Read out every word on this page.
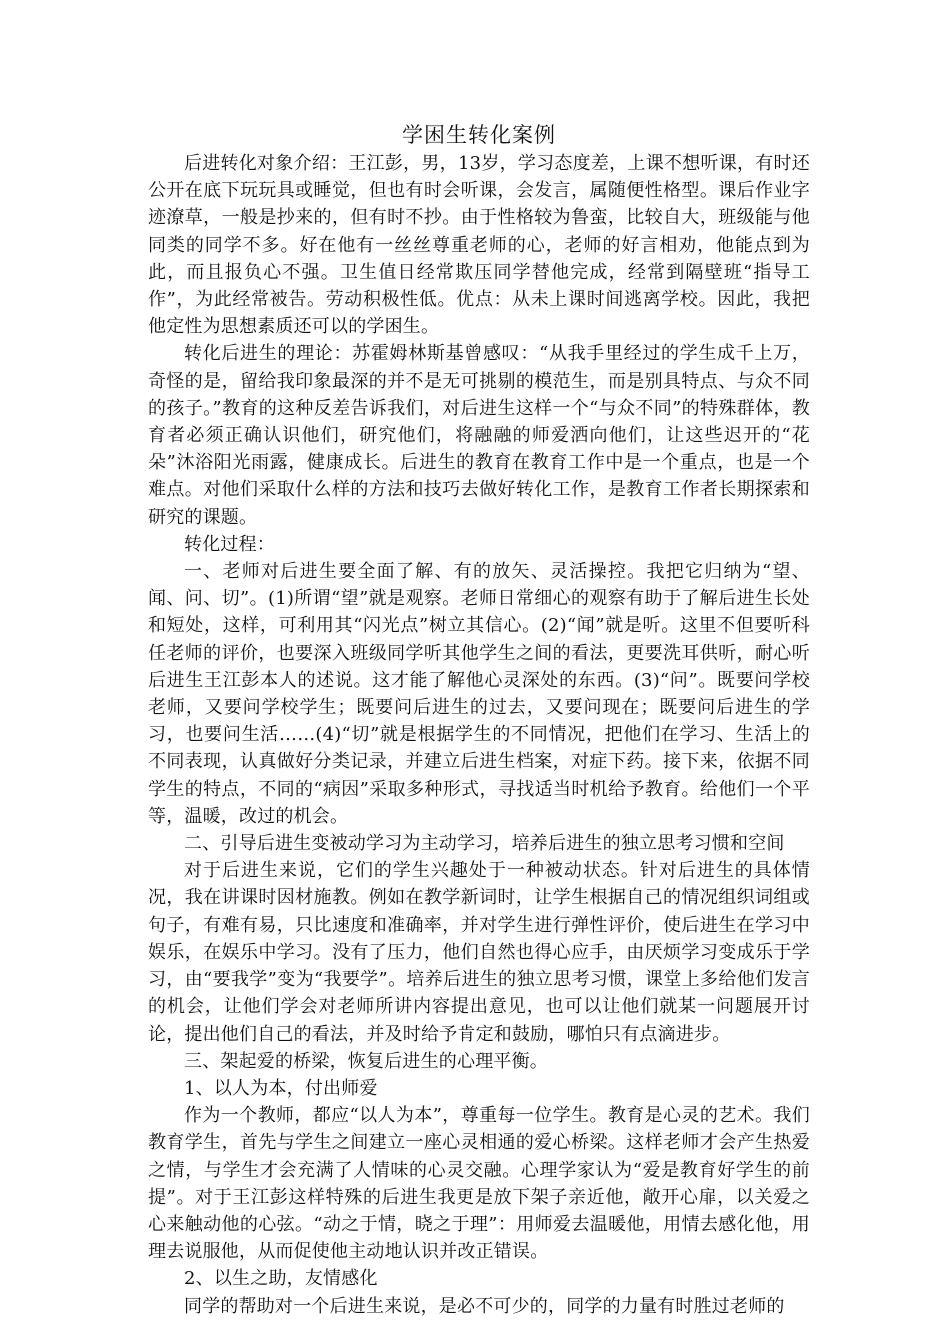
学困生转化案例

后进转化对象介绍：王江彭，男，13岁，学习态度差，上课不想听课，有时还公开在底下玩玩具或睡觉，但也有时会听课，会发言，属随便性格型。课后作业字迹潦草，一般是抄来的，但有时不抄。由于性格较为鲁蛮，比较自大，班级能与他同类的同学不多。好在他有一丝丝尊重老师的心，老师的好言相劝，他能点到为此，而且报负心不强。卫生值日经常欺压同学替他完成，经常到隔壁班“指导工作”，为此经常被告。劳动积极性低。优点：从未上课时间逃离学校。因此，我把他定性为思想素质还可以的学困生。

转化后进生的理论：苏霍姆林斯基曾感叹：“从我手里经过的学生成千上万，奇怪的是，留给我印象最深的并不是无可挑剔的模范生，而是别具特点、与众不同的孩子。”教育的这种反差告诉我们，对后进生这样一个“与众不同”的特殊群体，教育者必须正确认识他们，研究他们，将融融的师爱洒向他们，让这些迟开的“花朵”沐浴阳光雨露，健康成长。后进生的教育在教育工作中是一个重点，也是一个难点。对他们采取什么样的方法和技巧去做好转化工作，是教育工作者长期探索和研究的课题。

转化过程：

一、老师对后进生要全面了解、有的放矢、灵活操控。我把它归纳为“望、闻、问、切”。(1)所谓“望”就是观察。老师日常细心的观察有助于了解后进生长处和短处，这样，可利用其“闪光点”树立其信心。(2)“闻”就是听。这里不但要听科任老师的评价，也要深入班级同学听其他学生之间的看法，更要洗耳供听，耐心听后进生王江彭本人的述说。这才能了解他心灵深处的东西。(3)“问”。既要问学校老师，又要问学校学生；既要问后进生的过去，又要问现在；既要问后进生的学习，也要问生活……(4)“切”就是根据学生的不同情况，把他们在学习、生活上的不同表现，认真做好分类记录，并建立后进生档案，对症下药。接下来，依据不同学生的特点，不同的“病因”采取多种形式，寻找适当时机给予教育。给他们一个平等，温暖，改过的机会。

二、引导后进生变被动学习为主动学习，培养后进生的独立思考习惯和空间

对于后进生来说，它们的学生兴趣处于一种被动状态。针对后进生的具体情况，我在讲课时因材施教。例如在教学新词时，让学生根据自己的情况组织词组或句子，有难有易，只比速度和准确率，并对学生进行弹性评价，使后进生在学习中娱乐，在娱乐中学习。没有了压力，他们自然也得心应手，由厌烦学习变成乐于学习，由“要我学”变为“我要学”。培养后进生的独立思考习惯，课堂上多给他们发言的机会，让他们学会对老师所讲内容提出意见，也可以让他们就某一问题展开讨论，提出他们自己的看法，并及时给予肯定和鼓励，哪怕只有点滴进步。

三、架起爱的桥梁，恢复后进生的心理平衡。

1、以人为本，付出师爱

作为一个教师，都应“以人为本”，尊重每一位学生。教育是心灵的艺术。我们教育学生，首先与学生之间建立一座心灵相通的爱心桥梁。这样老师才会产生热爱之情，与学生才会充满了人情味的心灵交融。心理学家认为“爱是教育好学生的前提”。对于王江彭这样特殊的后进生我更是放下架子亲近他，敞开心扉，以关爱之心来触动他的心弦。“动之于情，晓之于理”：用师爱去温暖他，用情去感化他，用理去说服他，从而促使他主动地认识并改正错误。

2、以生之助，友情感化

同学的帮助对一个后进生来说，是必不可少的，同学的力量有时胜过老师的
